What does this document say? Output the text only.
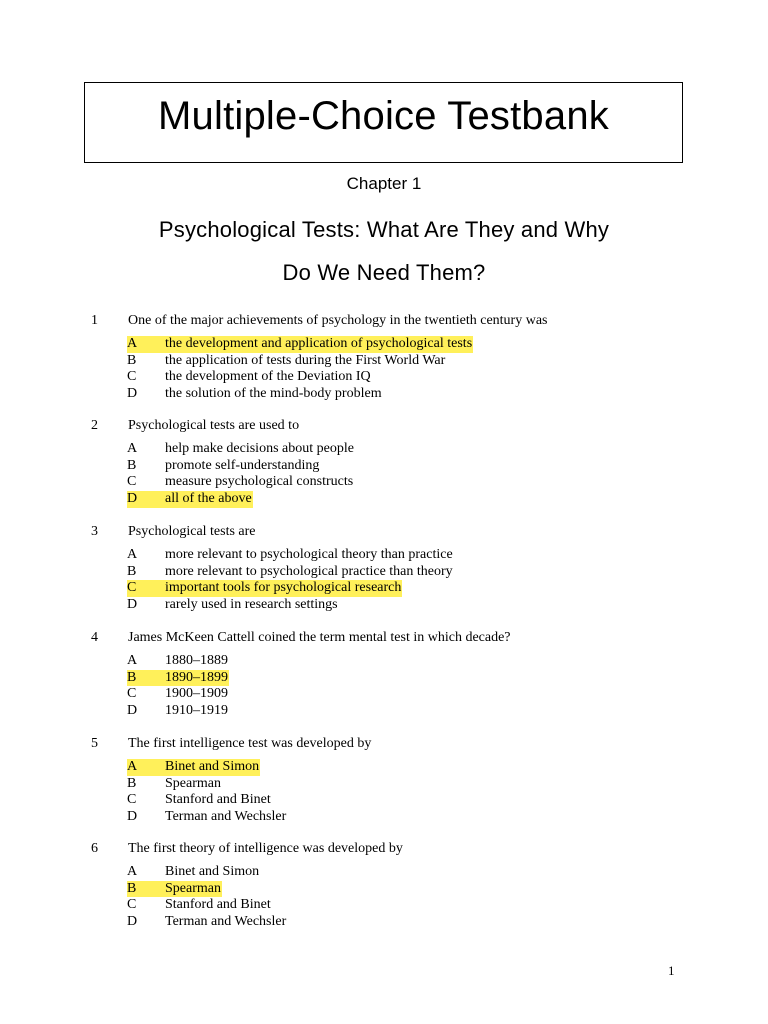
Multiple-Choice Testbank
Chapter 1
Psychological Tests: What Are They and Why
Do We Need Them?
1 One of the major achievements of psychology in the twentieth century was
A the development and application of psychological tests
B the application of tests during the First World War
C the development of the Deviation IQ
D the solution of the mind-body problem
2 Psychological tests are used to
A help make decisions about people
B promote self-understanding
C measure psychological constructs
D all of the above
3 Psychological tests are
A more relevant to psychological theory than practice
B more relevant to psychological practice than theory
C important tools for psychological research
D rarely used in research settings
4 James McKeen Cattell coined the term mental test in which decade?
A 1880–1889
B 1890–1899
C 1900–1909
D 1910–1919
5 The first intelligence test was developed by
A Binet and Simon
B Spearman
C Stanford and Binet
D Terman and Wechsler
6 The first theory of intelligence was developed by
A Binet and Simon
B Spearman
C Stanford and Binet
D Terman and Wechsler
1
